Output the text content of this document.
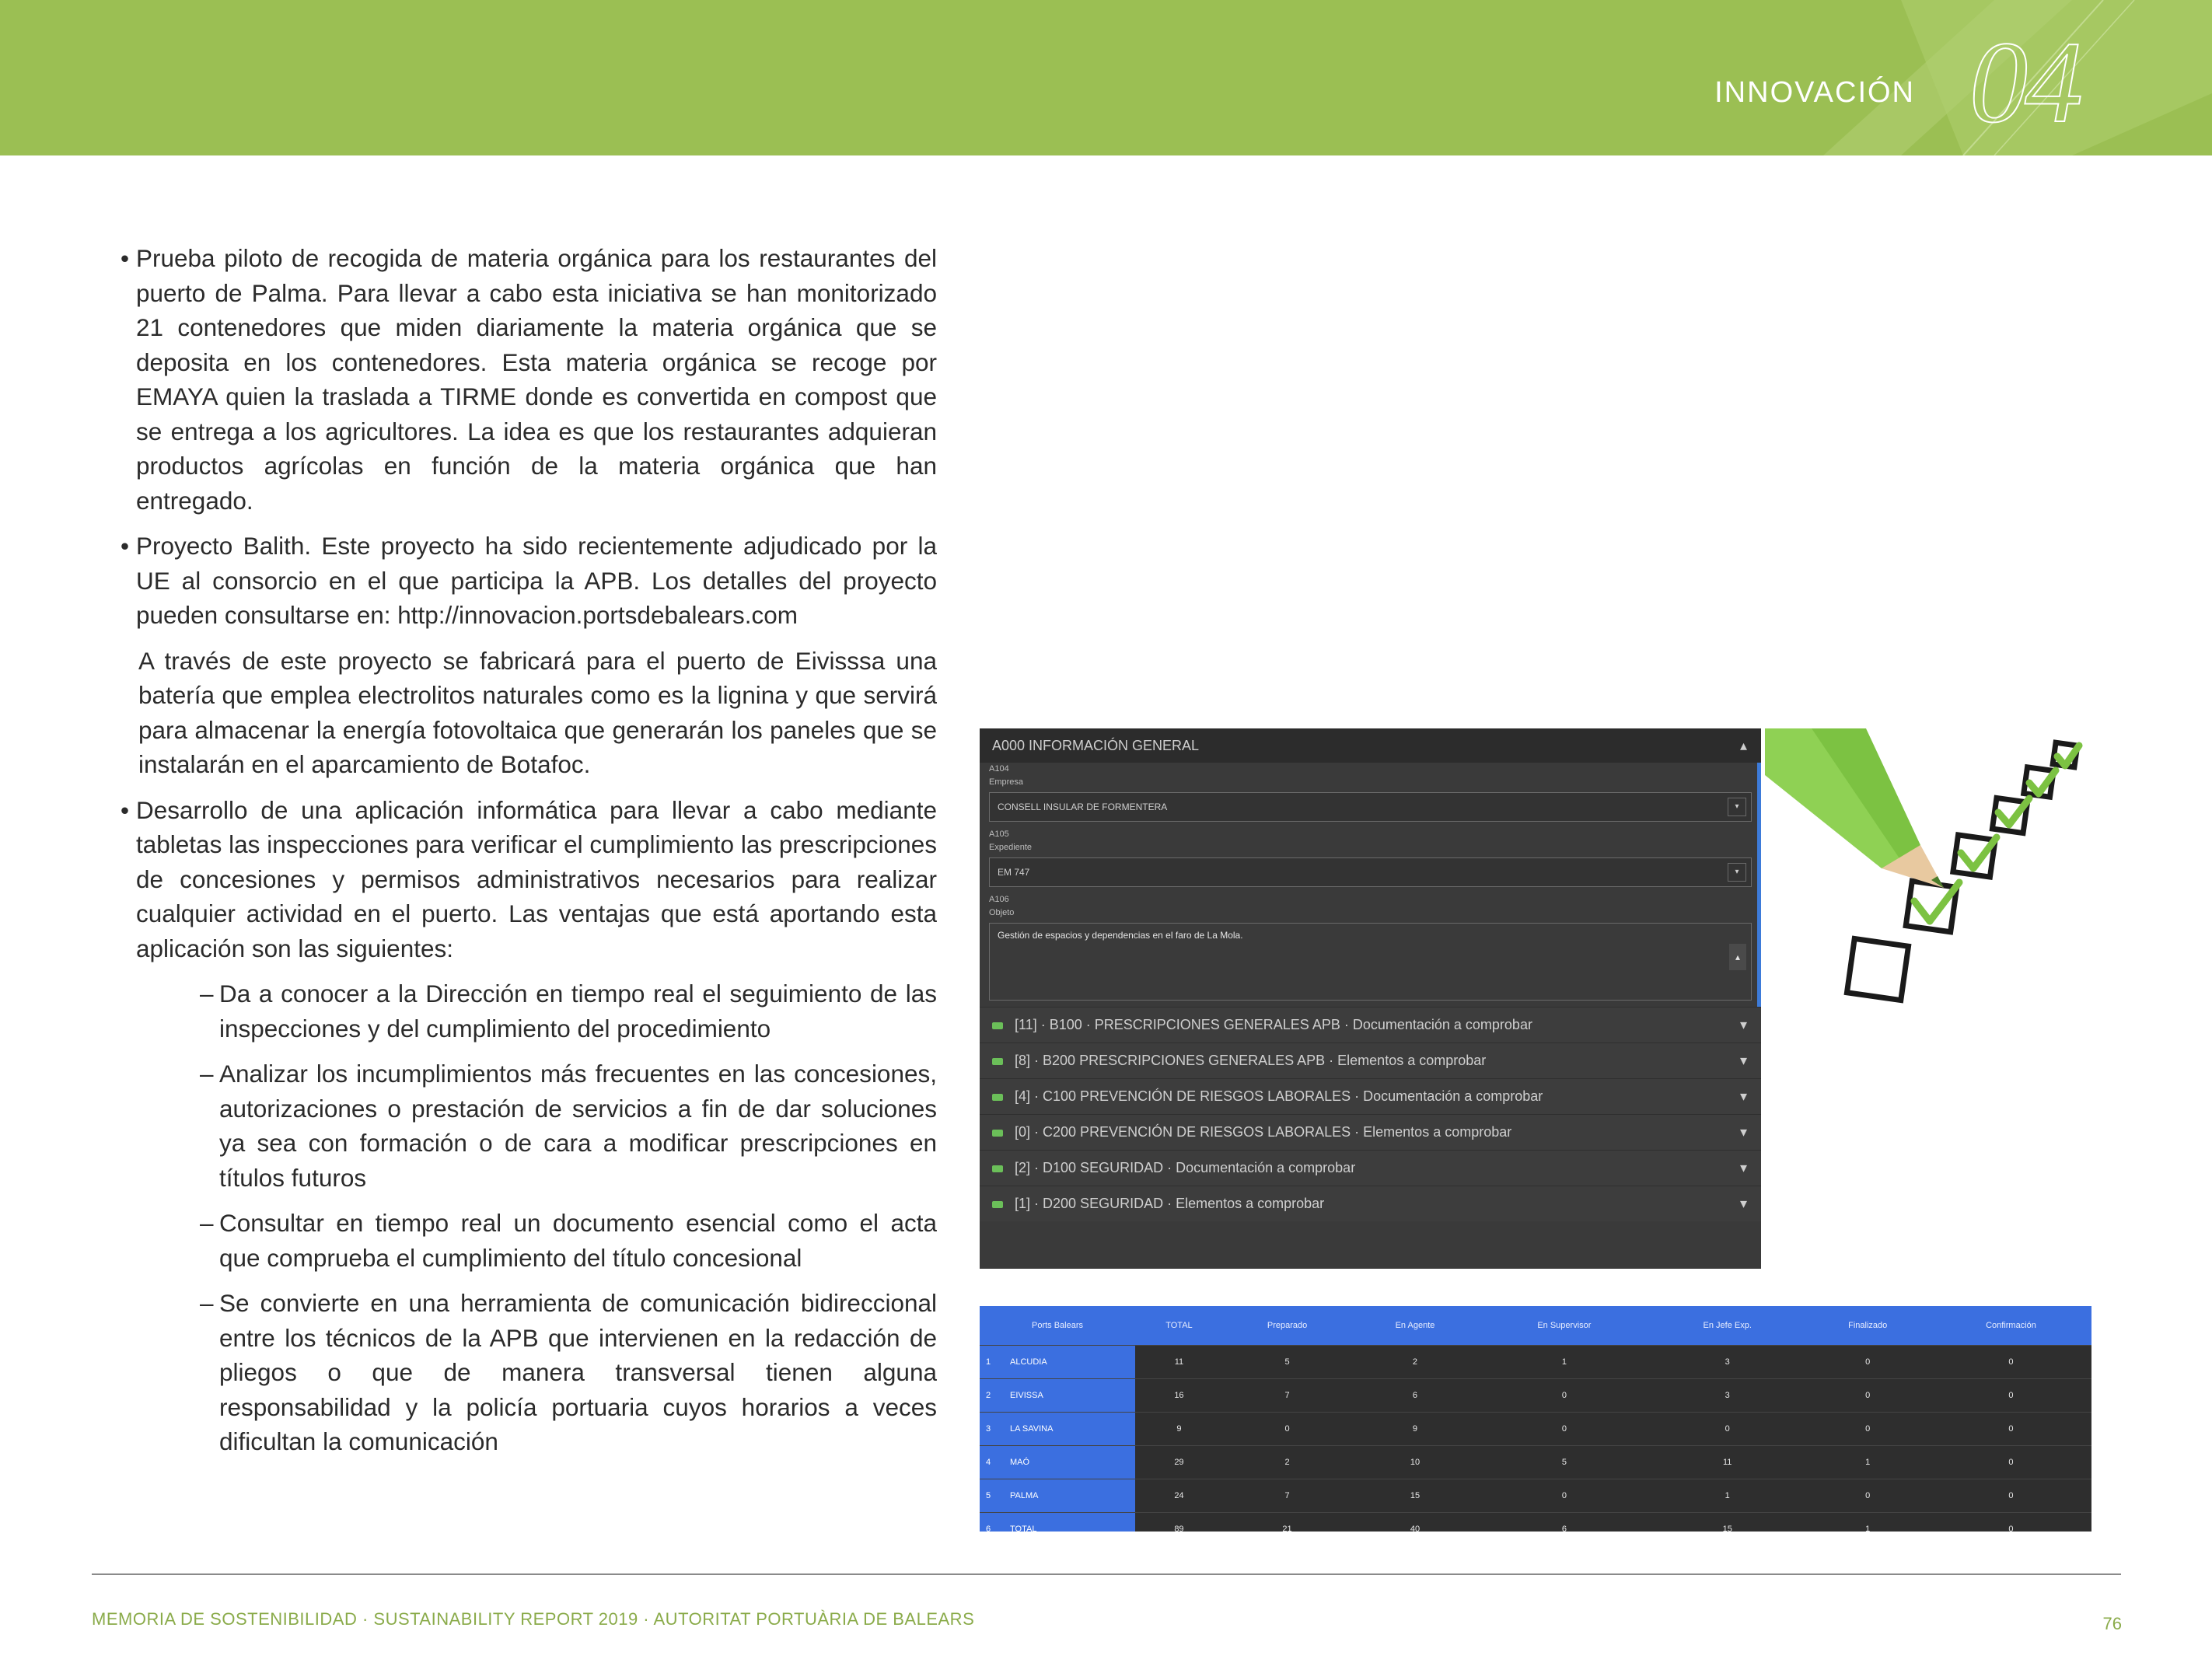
INNOVACIÓN 04
• Prueba piloto de recogida de materia orgánica para los restaurantes del puerto de Palma. Para llevar a cabo esta iniciativa se han monitorizado 21 contenedores que miden diariamente la materia orgánica que se deposita en los contenedores. Esta materia orgánica se recoge por EMAYA quien la traslada a TIRME donde es convertida en compost que se entrega a los agricultores. La idea es que los restaurantes adquieran productos agrícolas en función de la materia orgánica que han entregado.
• Proyecto Balith. Este proyecto ha sido recientemente adjudicado por la UE al consorcio en el que participa la APB. Los detalles del proyecto pueden consultarse en: http://innovacion.portsdebalears.com
A través de este proyecto se fabricará para el puerto de Eivisssa una batería que emplea electrolitos naturales como es la lignina y que servirá para almacenar la energía fotovoltaica que generarán los paneles que se instalarán en el aparcamiento de Botafoc.
• Desarrollo de una aplicación informática para llevar a cabo mediante tabletas las inspecciones para verificar el cumplimiento las prescripciones de concesiones y permisos administrativos necesarios para realizar cualquier actividad en el puerto. Las ventajas que está aportando esta aplicación son las siguientes:
– Da a conocer a la Dirección en tiempo real el seguimiento de las inspecciones y del cumplimiento del procedimiento
– Analizar los incumplimientos más frecuentes en las concesiones, autorizaciones o prestación de servicios a fin de dar soluciones ya sea con formación o de cara a modificar prescripciones en títulos futuros
– Consultar en tiempo real un documento esencial como el acta que comprueba el cumplimiento del título concesional
– Se convierte en una herramienta de comunicación bidireccional entre los técnicos de la APB que intervienen en la redacción de pliegos o que de manera transversal tienen alguna responsabilidad y la policía portuaria cuyos horarios a veces dificultan la comunicación
A000 INFORMACIÓN GENERAL	▴
A104
Empresa
CONSELL INSULAR DE FORMENTERA	▾
A105
Expediente
EM 747	▾
A106
Objeto
Gestión de espacios y dependencias en el faro de La Mola.
▴
[11] · B100 · PRESCRIPCIONES GENERALES APB · Documentación a comprobar	▾
[8] · B200 PRESCRIPCIONES GENERALES APB · Elementos a comprobar	▾
[4] · C100 PREVENCIÓN DE RIESGOS LABORALES · Documentación a comprobar	▾
[0] · C200 PREVENCIÓN DE RIESGOS LABORALES · Elementos a comprobar	▾
[2] · D100 SEGURIDAD · Documentación a comprobar	▾
[1] · D200 SEGURIDAD · Elementos a comprobar	▾
Ports Balears		TOTAL	Preparado	En Agente	En Supervisor	En Jefe Exp.	Finalizado	Confirmación
1	ALCUDIA	11	5	2	1	3	0	0
2	EIVISSA	16	7	6	0	3	0	0
3	LA SAVINA	9	0	9	0	0	0	0
4	MAÓ	29	2	10	5	11	1	0
5	PALMA	24	7	15	0	1	0	0
6	TOTAL	89	21	40	6	15	1	0
MEMORIA DE SOSTENIBILIDAD · SUSTAINABILITY REPORT 2019 · AUTORITAT PORTUÀRIA DE BALEARS	76
